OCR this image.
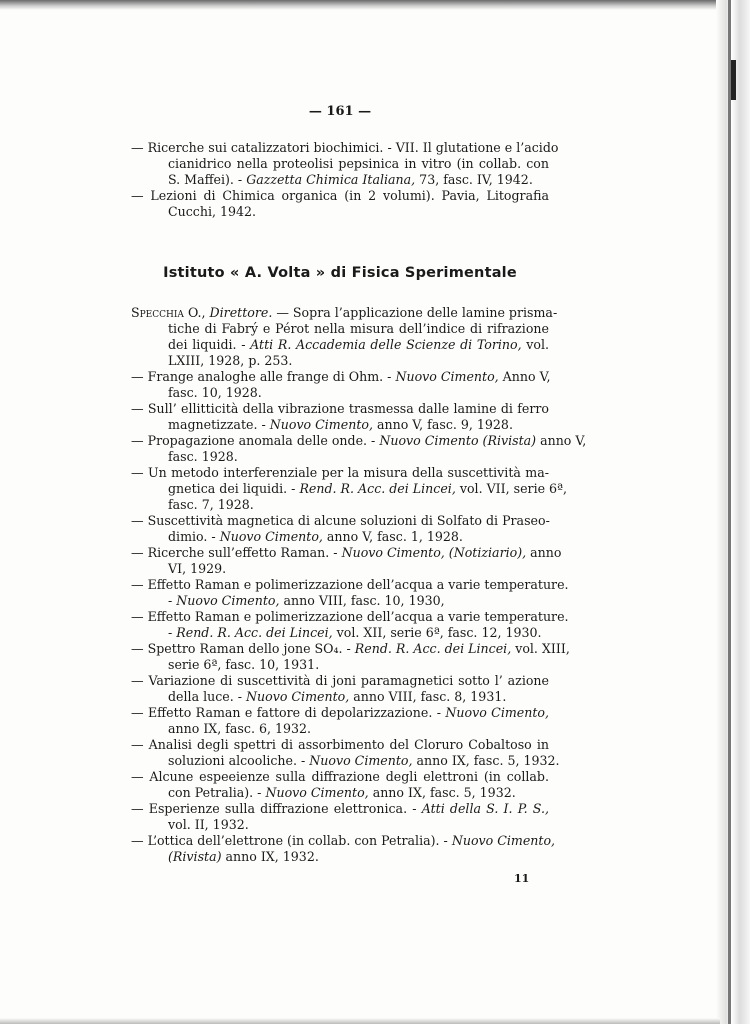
— 161 —
— Ricerche sui catalizzatori biochimici. - VII. Il glutatione e l’acido
cianidrico nella proteolisi pepsinica in vitro (in collab. con
S. Maffei). - Gazzetta Chimica Italiana, 73, fasc. IV, 1942.
— Lezioni di Chimica organica (in 2 volumi). Pavia, Litografia
Cucchi, 1942.
Istituto « A. Volta » di Fisica Sperimentale
Specchia O., Direttore. — Sopra l’applicazione delle lamine prisma-
tiche di Fabrý e Pérot nella misura dell’indice di rifrazione
dei liquidi. - Atti R. Accademia delle Scienze di Torino, vol.
LXIII, 1928, p. 253.
— Frange analoghe alle frange di Ohm. - Nuovo Cimento, Anno V,
fasc. 10, 1928.
— Sull’ ellitticità della vibrazione trasmessa dalle lamine di ferro
magnetizzate. - Nuovo Cimento, anno V, fasc. 9, 1928.
— Propagazione anomala delle onde. - Nuovo Cimento (Rivista) anno V,
fasc. 1928.
— Un metodo interferenziale per la misura della suscettività ma-
gnetica dei liquidi. - Rend. R. Acc. dei Lincei, vol. VII, serie 6ª,
fasc. 7, 1928.
— Suscettività magnetica di alcune soluzioni di Solfato di Praseo-
dimio. - Nuovo Cimento, anno V, fasc. 1, 1928.
— Ricerche sull’effetto Raman. - Nuovo Cimento, (Notiziario), anno
VI, 1929.
— Effetto Raman e polimerizzazione dell’acqua a varie temperature.
- Nuovo Cimento, anno VIII, fasc. 10, 1930,
— Effetto Raman e polimerizzazione dell’acqua a varie temperature.
- Rend. R. Acc. dei Lincei, vol. XII, serie 6ª, fasc. 12, 1930.
— Spettro Raman dello jone SO₄. - Rend. R. Acc. dei Lincei, vol. XIII,
serie 6ª, fasc. 10, 1931.
— Variazione di suscettività di joni paramagnetici sotto l’ azione
della luce. - Nuovo Cimento, anno VIII, fasc. 8, 1931.
— Effetto Raman e fattore di depolarizzazione. - Nuovo Cimento,
anno IX, fasc. 6, 1932.
— Analisi degli spettri di assorbimento del Cloruro Cobaltoso in
soluzioni alcooliche. - Nuovo Cimento, anno IX, fasc. 5, 1932.
— Alcune espeeienze sulla diffrazione degli elettroni (in collab.
con Petralia). - Nuovo Cimento, anno IX, fasc. 5, 1932.
— Esperienze sulla diffrazione elettronica. - Atti della S. I. P. S.,
vol. II, 1932.
— L’ottica dell’elettrone (in collab. con Petralia). - Nuovo Cimento,
(Rivista) anno IX, 1932.
11
